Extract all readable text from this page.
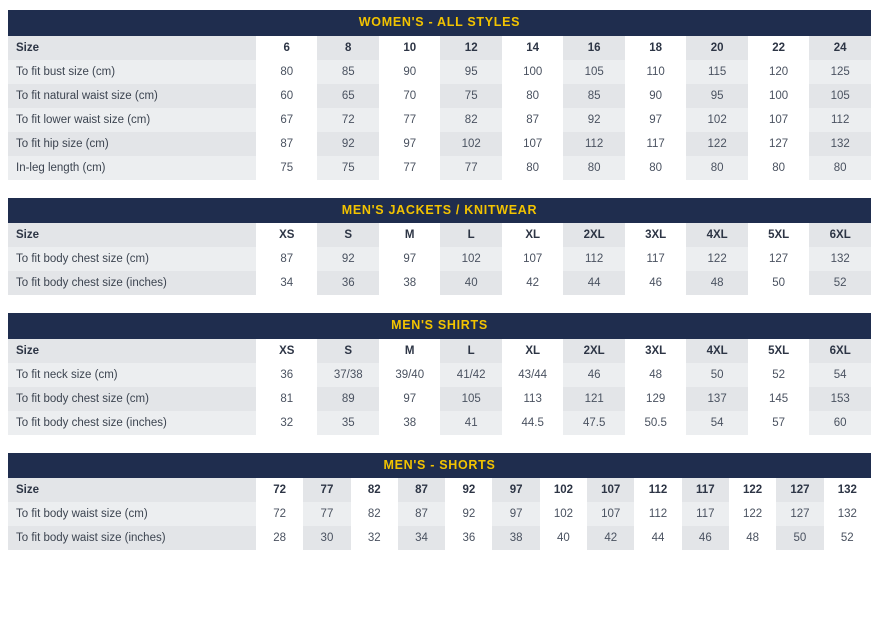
WOMEN'S - ALL STYLES
Size	6	8	10	12	14	16	18	20	22	24
To fit bust size (cm)	80	85	90	95	100	105	110	115	120	125
To fit natural waist size (cm)	60	65	70	75	80	85	90	95	100	105
To fit lower waist size (cm)	67	72	77	82	87	92	97	102	107	112
To fit hip size (cm)	87	92	97	102	107	112	117	122	127	132
In-leg length (cm)	75	75	77	77	80	80	80	80	80	80
MEN'S JACKETS / KNITWEAR
Size	XS	S	M	L	XL	2XL	3XL	4XL	5XL	6XL
To fit body chest size (cm)	87	92	97	102	107	112	117	122	127	132
To fit body chest size (inches)	34	36	38	40	42	44	46	48	50	52
MEN'S SHIRTS
Size	XS	S	M	L	XL	2XL	3XL	4XL	5XL	6XL
To fit neck size (cm)	36	37/38	39/40	41/42	43/44	46	48	50	52	54
To fit body chest size (cm)	81	89	97	105	113	121	129	137	145	153
To fit body chest size (inches)	32	35	38	41	44.5	47.5	50.5	54	57	60
MEN'S - SHORTS
Size	72	77	82	87	92	97	102	107	112	117	122	127	132
To fit body waist size (cm)	72	77	82	87	92	97	102	107	112	117	122	127	132
To fit body waist size (inches)	28	30	32	34	36	38	40	42	44	46	48	50	52
